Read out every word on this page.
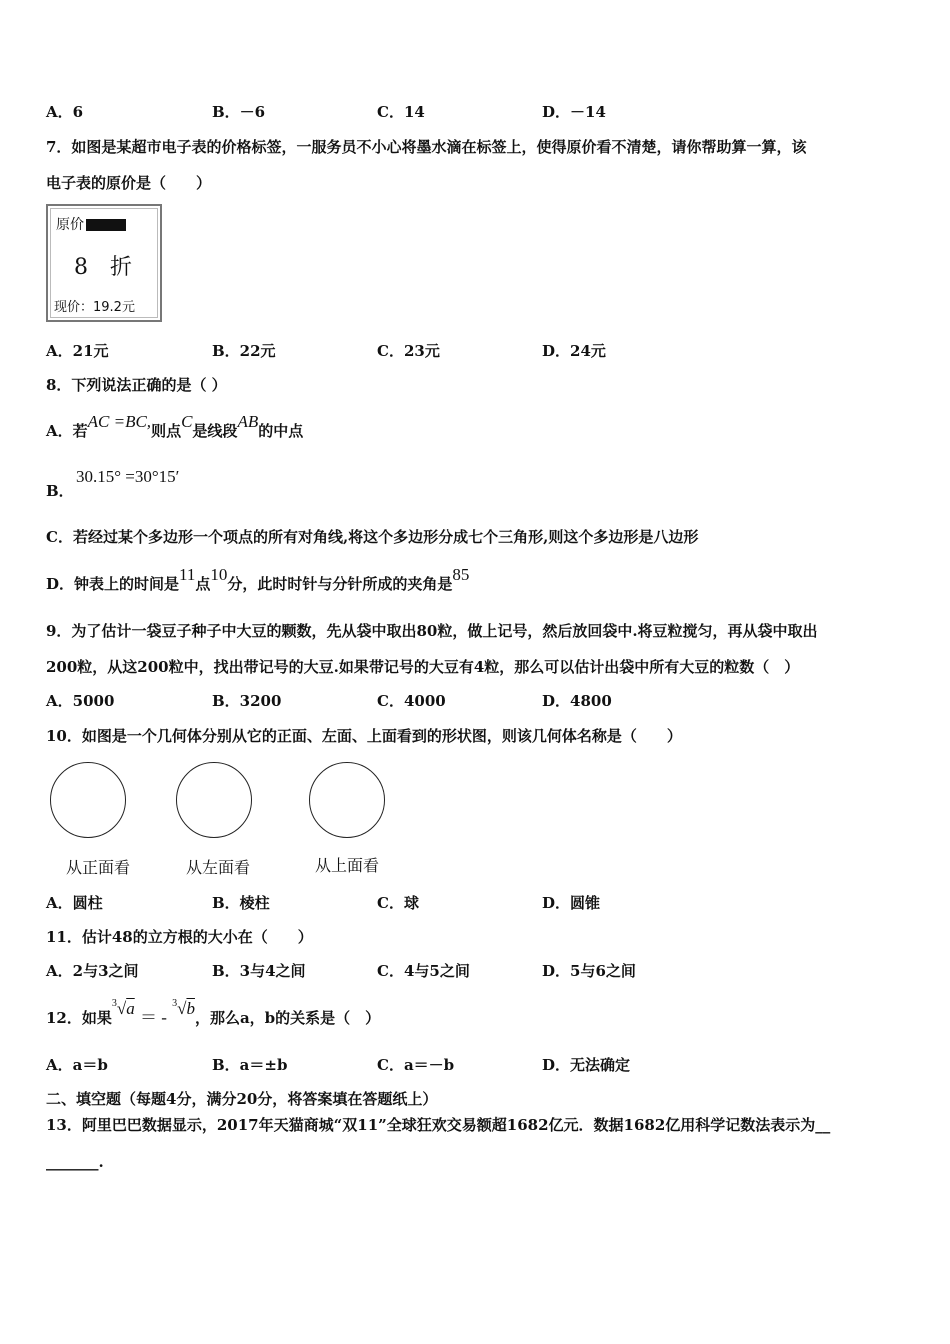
A．6	B．－6	C．14	D．－14
7．如图是某超市电子表的价格标签，一服务员不小心将墨水滴在标签上，使得原价看不清楚，请你帮助算一算，该
电子表的原价是（　　）
原价
8　折
现价：19.2元
A．21元	B．22元	C．23元	D．24元
8．下列说法正确的是（ ）
A．若AC =BC,则点C是线段AB的中点
B．
30.15° =30°15′
C．若经过某个多边形一个项点的所有对角线,将这个多边形分成七个三角形,则这个多边形是八边形
D．钟表上的时间是11点10分，此时时针与分针所成的夹角是85
9．为了估计一袋豆子种子中大豆的颗数，先从袋中取出80粒，做上记号，然后放回袋中.将豆粒搅匀，再从袋中取出
200粒，从这200粒中，找出带记号的大豆.如果带记号的大豆有4粒，那么可以估计出袋中所有大豆的粒数（　）
A．5000	B．3200	C．4000	D．4800
10．如图是一个几何体分别从它的正面、左面、上面看到的形状图，则该几何体名称是（　　）
从正面看	从左面看	从上面看
A．圆柱	B．棱柱	C．球	D．圆锥
11．估计48的立方根的大小在（　　）
A．2与3之间	B．3与4之间	C．4与5之间	D．5与6之间
12．如果$^3$√a ＝ - $^3$√b，那么a，b的关系是（　）
A．a＝b	B．a＝±b	C．a＝－b	D．无法确定
二、填空题（每题4分，满分20分，将答案填在答题纸上）
13．阿里巴巴数据显示，2017年天猫商城“双11”全球狂欢交易额超1682亿元．数据1682亿用科学记数法表示为__
_______.
